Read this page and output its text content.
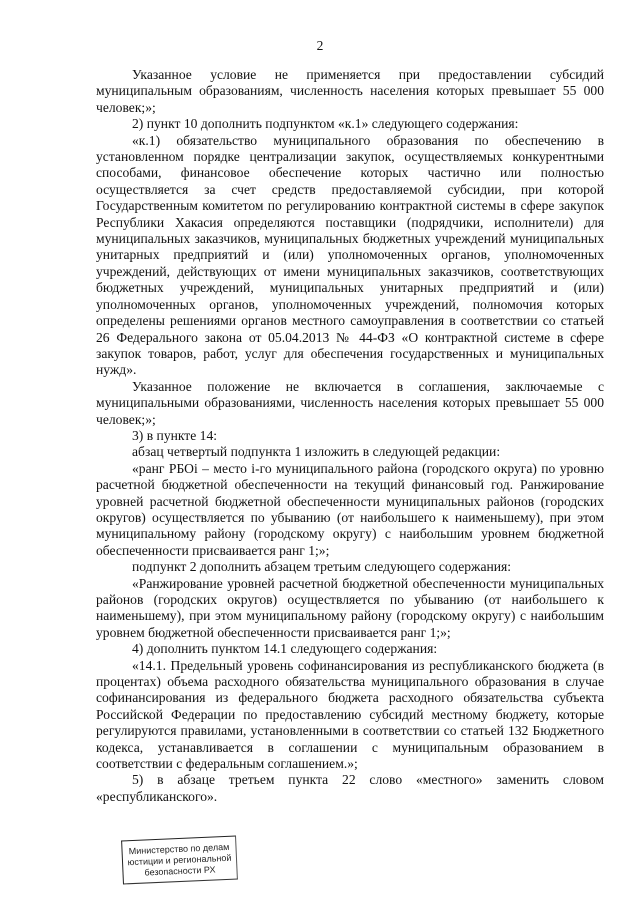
2

Указанное условие не применяется при предоставлении субсидий муниципальным образованиям, численность населения которых превышает 55 000 человек;»;

2) пункт 10 дополнить подпунктом «к.1» следующего содержания:

«к.1) обязательство муниципального образования по обеспечению в установленном порядке централизации закупок, осуществляемых конкурентными способами, финансовое обеспечение которых частично или полностью осуществляется за счет средств предоставляемой субсидии, при которой Государственным комитетом по регулированию контрактной системы в сфере закупок Республики Хакасия определяются поставщики (подрядчики, исполнители) для муниципальных заказчиков, муниципальных бюджетных учреждений муниципальных унитарных предприятий и (или) уполномоченных органов, уполномоченных учреждений, действующих от имени муниципальных заказчиков, соответствующих бюджетных учреждений, муниципальных унитарных предприятий и (или) уполномоченных органов, уполномоченных учреждений, полномочия которых определены решениями органов местного самоуправления в соответствии со статьей 26 Федерального закона от 05.04.2013 № 44-ФЗ «О контрактной системе в сфере закупок товаров, работ, услуг для обеспечения государственных и муниципальных нужд».

Указанное положение не включается в соглашения, заключаемые с муниципальными образованиями, численность населения которых превышает 55 000 человек;»;

3) в пункте 14:

абзац четвертый подпункта 1 изложить в следующей редакции:

«ранг РБОi – место i-го муниципального района (городского округа) по уровню расчетной бюджетной обеспеченности на текущий финансовый год. Ранжирование уровней расчетной бюджетной обеспеченности муниципальных районов (городских округов) осуществляется по убыванию (от наибольшего к наименьшему), при этом муниципальному району (городскому округу) с наибольшим уровнем бюджетной обеспеченности присваивается ранг 1;»;

подпункт 2 дополнить абзацем третьим следующего содержания:

«Ранжирование уровней расчетной бюджетной обеспеченности муниципальных районов (городских округов) осуществляется по убыванию (от наибольшего к наименьшему), при этом муниципальному району (городскому округу) с наибольшим уровнем бюджетной обеспеченности присваивается ранг 1;»;

4) дополнить пунктом 14.1 следующего содержания:

«14.1. Предельный уровень софинансирования из республиканского бюджета (в процентах) объема расходного обязательства муниципального образования в случае софинансирования из федерального бюджета расходного обязательства субъекта Российской Федерации по предоставлению субсидий местному бюджету, которые регулируются правилами, установленными в соответствии со статьей 132 Бюджетного кодекса, устанавливается в соглашении с муниципальным образованием в соответствии с федеральным соглашением.»;

5) в абзаце третьем пункта 22 слово «местного» заменить словом «республиканского».

Министерство по делам
юстиции и региональной
безопасности РХ
